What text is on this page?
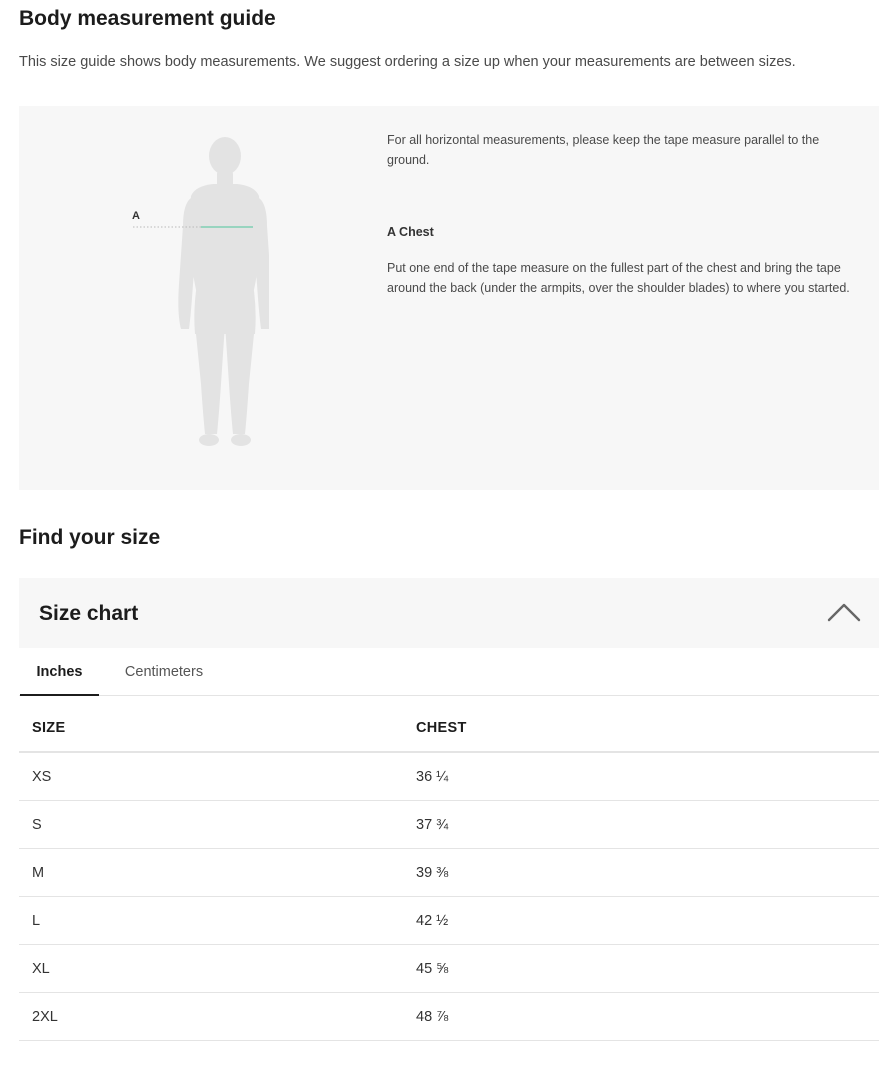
Body measurement guide

This size guide shows body measurements. We suggest ordering a size up when your measurements are between sizes.

A

For all horizontal measurements, please keep the tape measure parallel to the ground.

A Chest

Put one end of the tape measure on the fullest part of the chest and bring the tape around the back (under the armpits, over the shoulder blades) to where you started.

Find your size
Size chart
Inches	Centimeters
SIZE	CHEST
XS	36 ¼
S	37 ¾
M	39 ⅜
L	42 ½
XL	45 ⅝
2XL	48 ⅞
